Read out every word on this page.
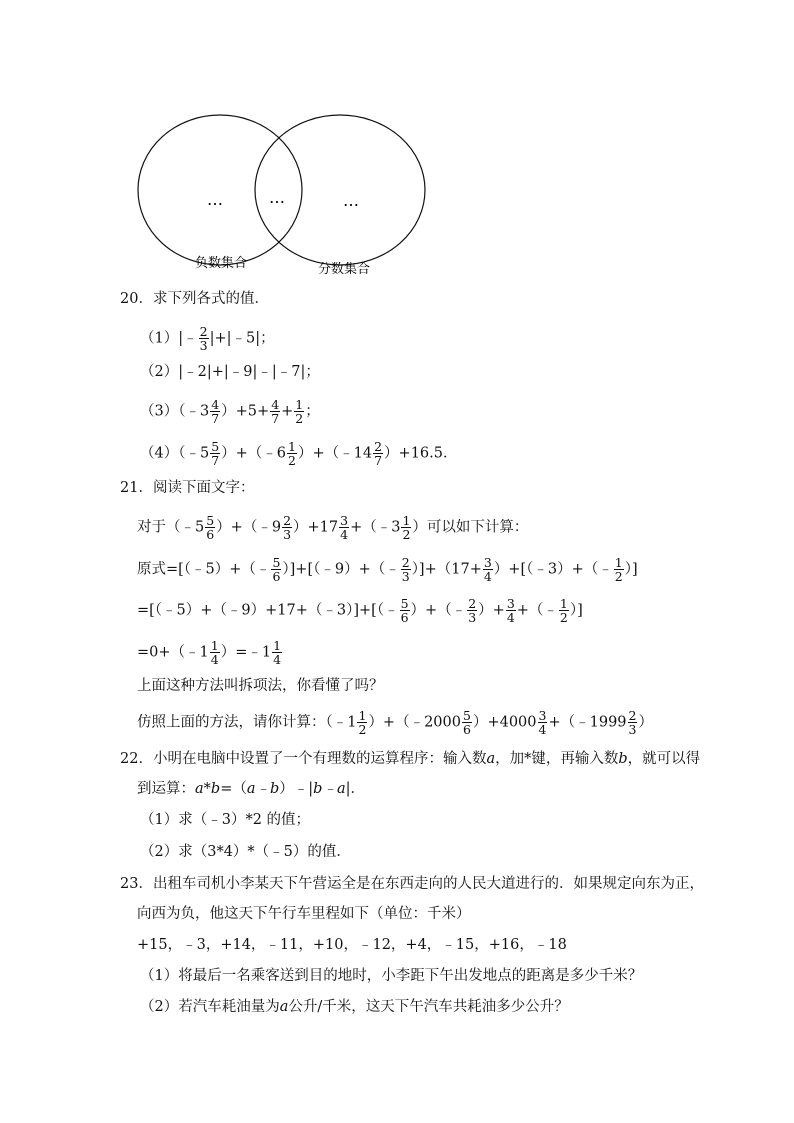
…	…	…
负数集合	分数集合
20．求下列各式的值．
（1）|﹣ $\frac{2}{3}$ |+|﹣5|；
（2）|﹣2|+|﹣9|﹣|﹣7|；
（3）（﹣3 $\frac{4}{7} )+5+ \frac{4}{7} + \frac{1}{2}$ ；
（4）（﹣5 $\frac{5}{7}$ ）+（﹣6 $\frac{1}{2}$ ）+（﹣14 $\frac{2}{7} )+16.5$．
21．阅读下面文字：
对于（﹣5 $\frac{5}{6}$ ）+（﹣9 $\frac{2}{3} )+17 \frac{3}{4}$ +（﹣3 $\frac{1}{2}$ ）可以如下计算：
原式=[（﹣5）+（﹣ $\frac{5}{6}$ ）]+[（﹣9）+（﹣ $\frac{2}{3} )]+(17+ \frac{3}{4}$ ）+[（﹣3）+（﹣ $\frac{1}{2}$ ）]
=[（﹣5）+（﹣9）+17+（﹣3）]+[（﹣ $\frac{5}{6}$ ）+（﹣ $\frac{2}{3}$ ）+ $\frac{3}{4}$ +（﹣ $\frac{1}{2}$ ）]
=0+（﹣1 $\frac{1}{4}$ ）=﹣1 $\frac{1}{4}$
上面这种方法叫拆项法，你看懂了吗？
仿照上面的方法，请你计算：（﹣1 $\frac{1}{2}$ ）+（﹣2000 $\frac{5}{6} )+4000 \frac{3}{4}$ +（﹣1999 $\frac{2}{3}$ ）
22．小明在电脑中设置了一个有理数的运算程序：输入数a，加*键，再输入数b，就可以得
到运算：a*b=（a﹣b）﹣|b﹣a|．
（1）求（﹣3）*2 的值；
（2）求（3*4）*（﹣5）的值．
23．出租车司机小李某天下午营运全是在东西走向的人民大道进行的．如果规定向东为正，
向西为负，他这天下午行车里程如下（单位：千米）
+15，﹣3，+14，﹣11，+10，﹣12，+4，﹣15，+16，﹣18
（1）将最后一名乘客送到目的地时，小李距下午出发地点的距离是多少千米？
（2）若汽车耗油量为a公升/千米，这天下午汽车共耗油多少公升？
